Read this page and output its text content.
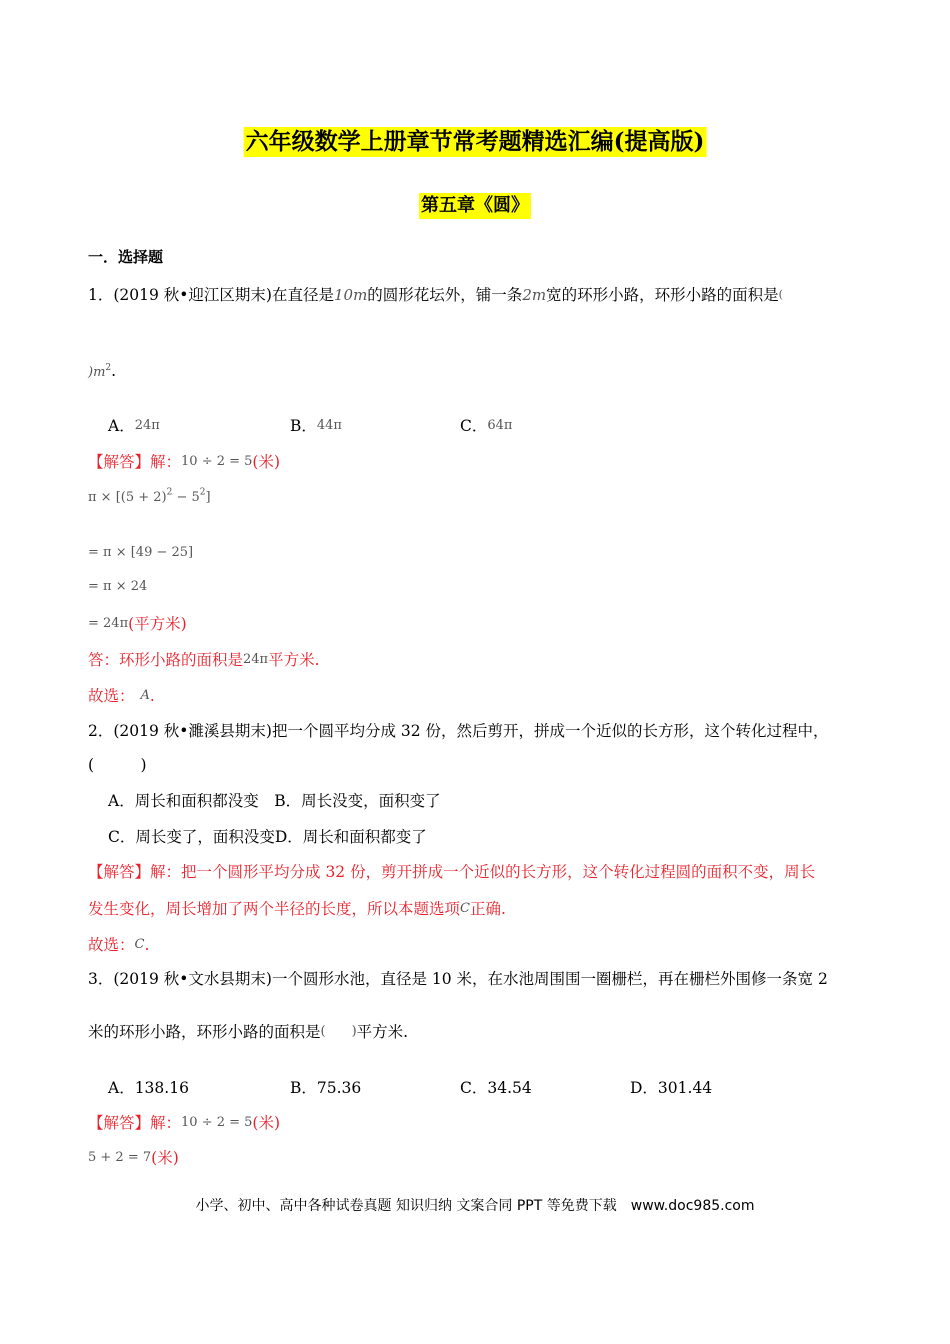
六年级数学上册章节常考题精选汇编(提高版)
第五章《圆》
一．选择题
1．(2019 秋•迎江区期末)在直径是10m的圆形花坛外，铺一条2m宽的环形小路，环形小路的面积是(
)$m^2$.
A．$^{24\pi}$	B．$^{44\pi}$	C．$^{64\pi}$
【解答】解：$^{10 \div 2 = 5}$(米)
$\pi \times [(5 + 2)^2 - 5^2]$
= π × [49 − 25]
= π × 24
$^{= 24\pi}$(平方米)
答：环形小路的面积是$^{24\pi}$平方米.
故选： $^A$.
2．(2019 秋•濉溪县期末)把一个圆平均分成 32 份，然后剪开，拼成一个近似的长方形，这个转化过程中，
(　　　)
A．周长和面积都没变　B．周长没变，面积变了
C．周长变了，面积没变D．周长和面积都变了
【解答】解：把一个圆形平均分成 32 份，剪开拼成一个近似的长方形，这个转化过程圆的面积不变，周长
发生变化，周长增加了两个半径的长度，所以本题选项$^C$正确.
故选：$^C$.
3．(2019 秋•文水县期末)一个圆形水池，直径是 10 米，在水池周围围一圈栅栏，再在栅栏外围修一条宽 2
米的环形小路，环形小路的面积是(　　)平方米.
A．138.16	B．75.36	C．34.54	D．301.44
【解答】解：$^{10 \div 2 = 5}$(米)
$^{5 + 2 = 7}$(米)
小学、初中、高中各种试卷真题 知识归纳 文案合同 PPT 等免费下载　www.doc985.com
